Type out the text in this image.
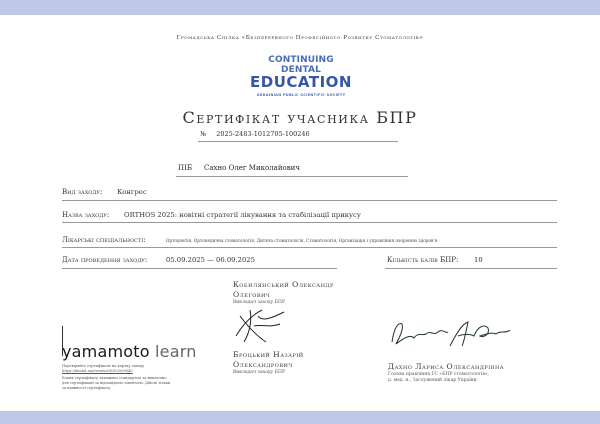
Громадська Спілка «Безперервного Професійного Розвитку Стоматологів»
CONTINUING DENTAL
EDUCATION
UKRAINIAN PUBLIC SCIENTIFIC SOCIETY
Сертифікат учасника БПР
№ 2025-2483-1012705-100246
ПІБ Сахно Олег Миколайович
Вид заходу: Конгрес
Назва заходу: ORTHOS 2025: новітні стратегії лікування та стабілізації прикусу
Лікарські спеціальності:	Ортодонтія, Ортопедична стоматологія, Дитяча стоматологія, Стоматологія, Організація і управління охороною здоров'я
Дата проведення заходу:	05.09.2025 — 06.09.2025	Кількість балів БПР: 10
Кобилянський Олександр
Олегович
Викладач заходу БПР
Броцький Назарій
Олександрович
Викладач заходу БПР
Дахно Лариса Олександрівна
Голова правління ГС «БПР стоматологів»,
д. мед. н., Заслужений лікар України
yamamoto learn
Перевіряйте сертифікати на картку заходу
https://dental.ua/events/ed/2025/09/45
Бланк сертифікату захищено стандартом та виключно
для сертифікації за відповідною ліцензією. Дійсні тільки
за наявності сертифікату.
